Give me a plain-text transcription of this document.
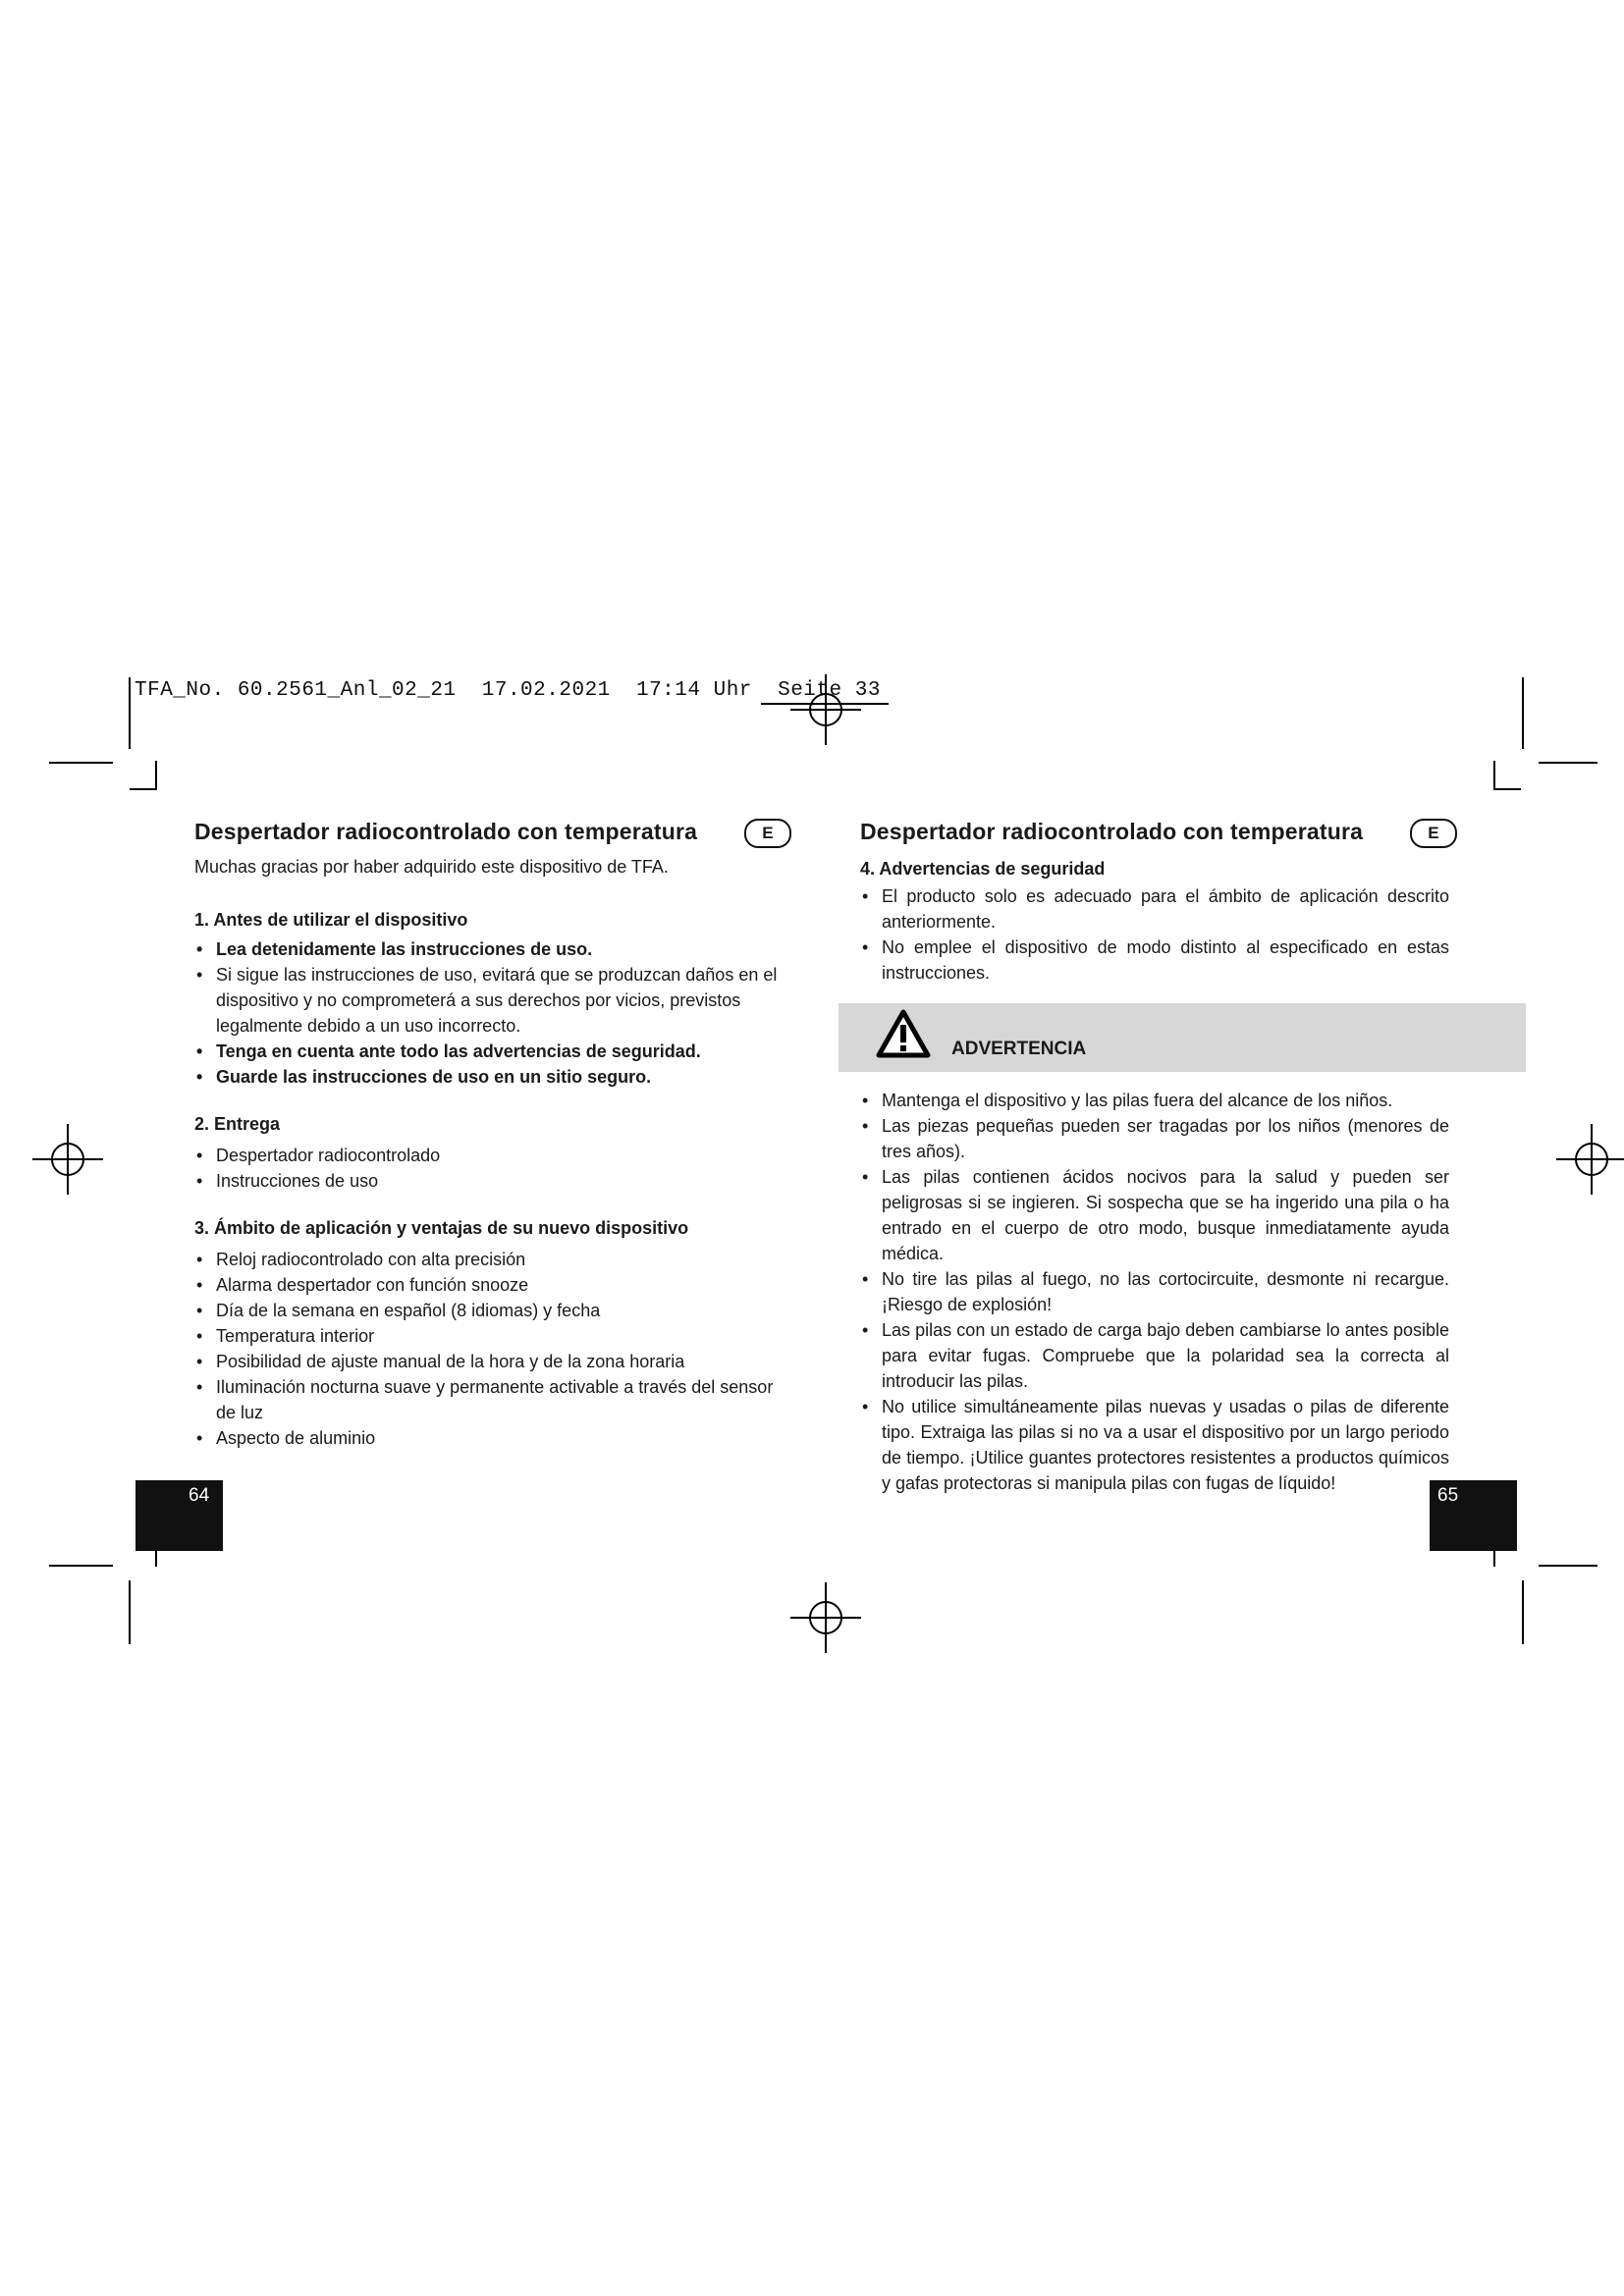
TFA_No. 60.2561_Anl_02_21  17.02.2021  17:14 Uhr  Seite 33
Despertador radiocontrolado con temperatura	E

Muchas gracias por haber adquirido este dispositivo de TFA.

1. Antes de utilizar el dispositivo
• Lea detenidamente las instrucciones de uso.
• Si sigue las instrucciones de uso, evitará que se produzcan daños en el dispositivo y no comprometerá a sus derechos por vicios, previstos legalmente debido a un uso incorrecto.
• Tenga en cuenta ante todo las advertencias de seguridad.
• Guarde las instrucciones de uso en un sitio seguro.
2. Entrega
• Despertador radiocontrolado
• Instrucciones de uso
3. Ámbito de aplicación y ventajas de su nuevo dispositivo
• Reloj radiocontrolado con alta precisión
• Alarma despertador con función snooze
• Día de la semana en español (8 idiomas) y fecha
• Temperatura interior
• Posibilidad de ajuste manual de la hora y de la zona horaria
• Iluminación nocturna suave y permanente activable a través del sensor de luz
• Aspecto de aluminio
Despertador radiocontrolado con temperatura	E
4. Advertencias de seguridad
• El producto solo es adecuado para el ámbito de aplicación descrito anteriormente.
• No emplee el dispositivo de modo distinto al especificado en estas instrucciones.
ADVERTENCIA
• Mantenga el dispositivo y las pilas fuera del alcance de los niños.
• Las piezas pequeñas pueden ser tragadas por los niños (menores de tres años).
• Las pilas contienen ácidos nocivos para la salud y pueden ser peligrosas si se ingieren. Si sospecha que se ha ingerido una pila o ha entrado en el cuerpo de otro modo, busque inmediatamente ayuda médica.
• No tire las pilas al fuego, no las cortocircuite, desmonte ni recargue. ¡Riesgo de explosión!
• Las pilas con un estado de carga bajo deben cambiarse lo antes posible para evitar fugas. Compruebe que la polaridad sea la correcta al introducir las pilas.
• No utilice simultáneamente pilas nuevas y usadas o pilas de diferente tipo. Extraiga las pilas si no va a usar el dispositivo por un largo periodo de tiempo. ¡Utilice guantes protectores resistentes a productos químicos y gafas protectoras si manipula pilas con fugas de líquido!
64	65
